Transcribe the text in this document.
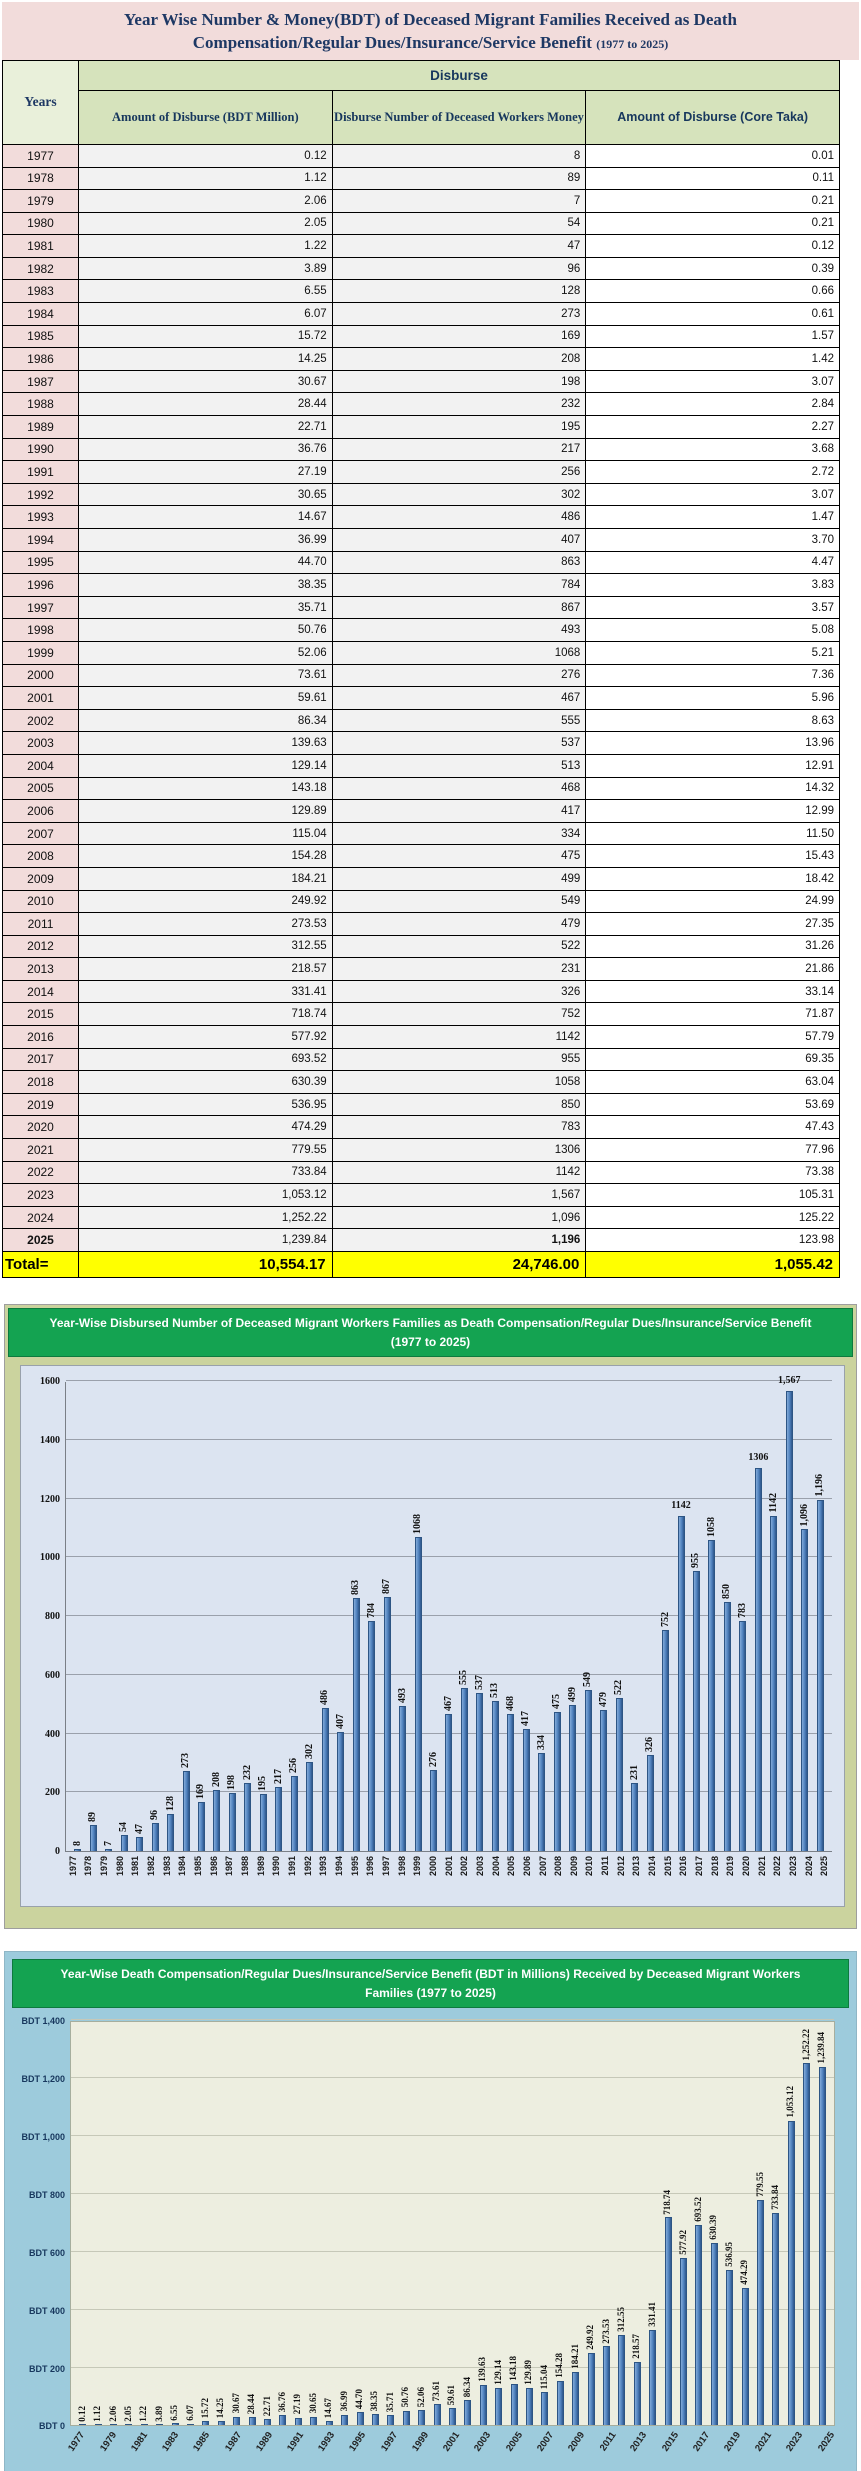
Year Wise Number & Money(BDT) of Deceased Migrant Families Received as Death
Compensation/Regular Dues/Insurance/Service Benefit (1977 to 2025)
Years	Disburse		
	Amount of Disburse (BDT Million)	Disburse Number of Deceased Workers Money	Amount of Disburse (Core Taka)
1977	0.12	8	0.01
1978	1.12	89	0.11
1979	2.06	7	0.21
1980	2.05	54	0.21
1981	1.22	47	0.12
1982	3.89	96	0.39
1983	6.55	128	0.66
1984	6.07	273	0.61
1985	15.72	169	1.57
1986	14.25	208	1.42
1987	30.67	198	3.07
1988	28.44	232	2.84
1989	22.71	195	2.27
1990	36.76	217	3.68
1991	27.19	256	2.72
1992	30.65	302	3.07
1993	14.67	486	1.47
1994	36.99	407	3.70
1995	44.70	863	4.47
1996	38.35	784	3.83
1997	35.71	867	3.57
1998	50.76	493	5.08
1999	52.06	1068	5.21
2000	73.61	276	7.36
2001	59.61	467	5.96
2002	86.34	555	8.63
2003	139.63	537	13.96
2004	129.14	513	12.91
2005	143.18	468	14.32
2006	129.89	417	12.99
2007	115.04	334	11.50
2008	154.28	475	15.43
2009	184.21	499	18.42
2010	249.92	549	24.99
2011	273.53	479	27.35
2012	312.55	522	31.26
2013	218.57	231	21.86
2014	331.41	326	33.14
2015	718.74	752	71.87
2016	577.92	1142	57.79
2017	693.52	955	69.35
2018	630.39	1058	63.04
2019	536.95	850	53.69
2020	474.29	783	47.43
2021	779.55	1306	77.96
2022	733.84	1142	73.38
2023	1,053.12	1,567	105.31
2024	1,252.22	1,096	125.22
2025	1,239.84	1,196	123.98
Total=	10,554.17	24,746.00	1,055.42
Year-Wise Disbursed Number of Deceased Migrant Workers Families as Death Compensation/Regular Dues/Insurance/Service Benefit (1977 to 2025)
0
200
400
600
800
1000
1200
1400
1600
8
89
7
54 47
96
128
273
169
208 198
232
195 217
256
302
486
407
863
784
867
493
1068
276
467
555 537 513
468
417
334
475 499
549
479
522
231
326
752
1142
955
1058
850
783
1306
1142
1,567
1,096
1,196
1977 1978 1979 1980 1981 1982 1983 1984 1985 1986 1987 1988 1989 1990 1991 1992 1993 1994 1995 1996 1997 1998 1999 2000 2001 2002 2003 2004 2005 2006 2007 2008 2009 2010 2011 2012 2013 2014 2015 2016 2017 2018 2019 2020 2021 2022 2023 2024 2025
Year-Wise Death Compensation/Regular Dues/Insurance/Service Benefit (BDT in Millions) Received by Deceased Migrant Workers Families (1977 to 2025)
BDT 0
BDT 200
BDT 400
BDT 600
BDT 800
BDT 1,000
BDT 1,200
BDT 1,400
0.12 1.12 2.06 2.05 1.22 3.89 6.55 6.07 15.72 14.25 30.67 28.44 22.71 36.76 27.19 30.65 14.67 36.99 44.70 38.35 35.71 50.76 52.06 73.61 59.61 86.34
139.63 129.14 143.18 129.89 115.04 154.28 184.21
249.92 273.53 312.55
218.57
331.41
718.74
577.92
693.52
630.39
536.95
474.29
779.55
733.84
1,053.12
1,252.22 1,239.84
1977 1979 1981 1983 1985 1987 1989 1991 1993 1995 1997 1999 2001 2003 2005 2007 2009 2011 2013 2015 2017 2019 2021 2023 2025
